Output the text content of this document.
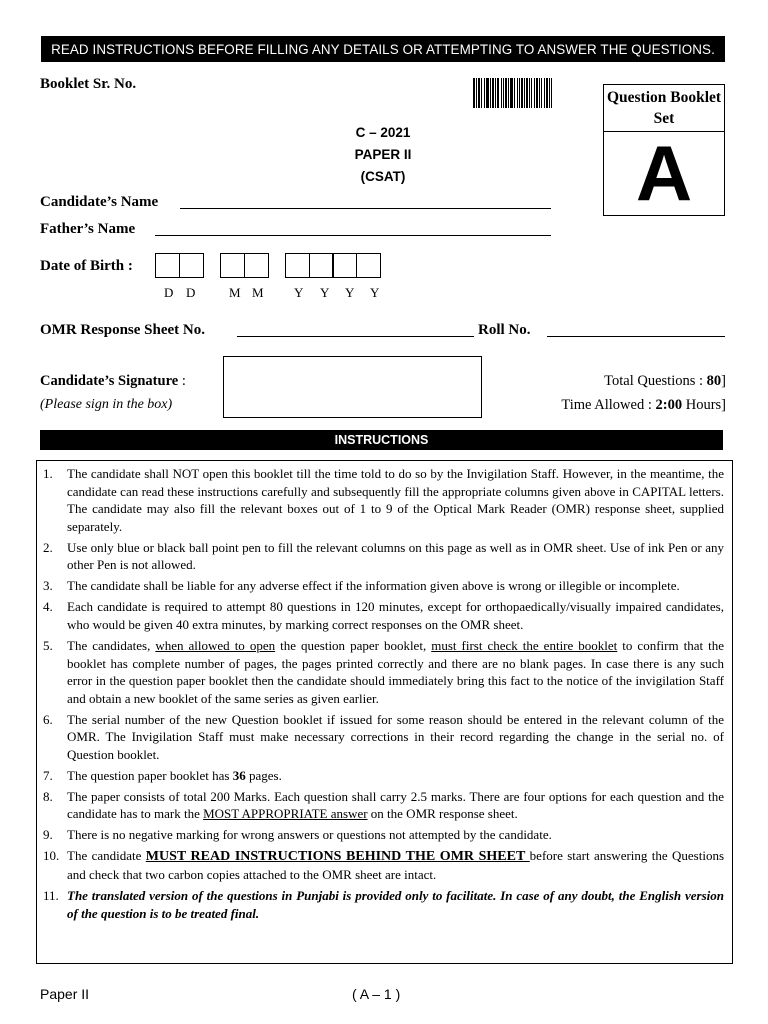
READ INSTRUCTIONS BEFORE FILLING ANY DETAILS OR ATTEMPTING TO ANSWER THE QUESTIONS.
Booklet Sr. No.
C – 2021
PAPER II
(CSAT)
Question Booklet
Set
A
Candidate’s Name
Father’s Name
Date of Birth :
D D	M M Y Y Y Y
OMR Response Sheet No.	Roll No.
Candidate’s Signature :
(Please sign in the box)
Total Questions : 80]
Time Allowed : 2:00 Hours]
INSTRUCTIONS
1.	The candidate shall NOT open this booklet till the time told to do so by the Invigilation Staff. However, in the meantime, the candidate can read these instructions carefully and subsequently fill the appropriate columns given above in CAPITAL letters. The candidate may also fill the relevant boxes out of 1 to 9 of the Optical Mark Reader (OMR) response sheet, supplied separately.
2.	Use only blue or black ball point pen to fill the relevant columns on this page as well as in OMR sheet. Use of ink Pen or any other Pen is not allowed.
3.	The candidate shall be liable for any adverse effect if the information given above is wrong or illegible or incomplete.
4.	Each candidate is required to attempt 80 questions in 120 minutes, except for orthopaedically/visually impaired candidates, who would be given 40 extra minutes, by marking correct responses on the OMR sheet.
5.	The candidates, when allowed to open the question paper booklet, must first check the entire booklet to confirm that the booklet has complete number of pages, the pages printed correctly and there are no blank pages. In case there is any such error in the question paper booklet then the candidate should immediately bring this fact to the notice of the invigilation Staff and obtain a new booklet of the same series as given earlier.
6.	The serial number of the new Question booklet if issued for some reason should be entered in the relevant column of the OMR. The Invigilation Staff must make necessary corrections in their record regarding the change in the serial no. of Question booklet.
7.	The question paper booklet has 36 pages.
8.	The paper consists of total 200 Marks. Each question shall carry 2.5 marks. There are four options for each question and the candidate has to mark the MOST APPROPRIATE answer on the OMR response sheet.
9.	There is no negative marking for wrong answers or questions not attempted by the candidate.
10. The candidate MUST READ INSTRUCTIONS BEHIND THE OMR SHEET before start answering the Questions and check that two carbon copies attached to the OMR sheet are intact.
11. The translated version of the questions in Punjabi is provided only to facilitate. In case of any doubt, the English version of the question is to be treated final.
Paper II	( A – 1 )
